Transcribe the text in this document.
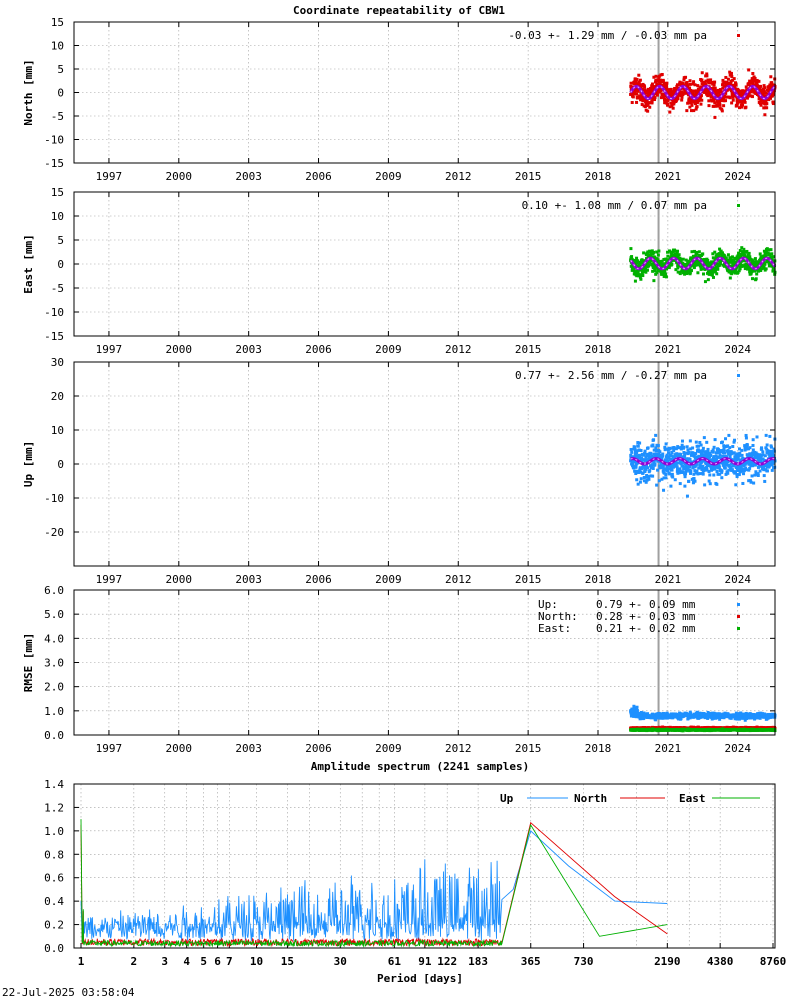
Coordinate repeatability of CBW1
-15
-10
-5
0
5
10
15
1997	2000	2003	2006	2009	2012	2015	2018	2021	2024
North [mm]
-0.03 +- 1.29 mm / -0.03 mm pa
-15
-10
-5
0
5
10
15
1997	2000	2003	2006	2009	2012	2015	2018	2021	2024
East [mm]
0.10 +- 1.08 mm / 0.07 mm pa
-20
-10
0
10
20
30
1997	2000	2003	2006	2009	2012	2015	2018	2021	2024
Up [mm]
0.77 +- 2.56 mm / -0.27 mm pa
0.0
1.0
2.0
3.0
4.0
5.0
6.0
1997	2000	2003	2006	2009	2012	2015	2018	2021	2024
RMSE [mm]
Up:	0.79 +- 0.09 mm
North: 0.28 +- 0.03 mm
East: 0.21 +- 0.02 mm
Amplitude spectrum (2241 samples)
0.0
0.2
0.4
0.6
0.8
1.0
1.2
1.4
1	2 3 4 5 6 7 10 15	30	61 91 122 183	365	730	2190 4380 8760
Period [days]
Up	North	East
22-Jul-2025 03:58:04
